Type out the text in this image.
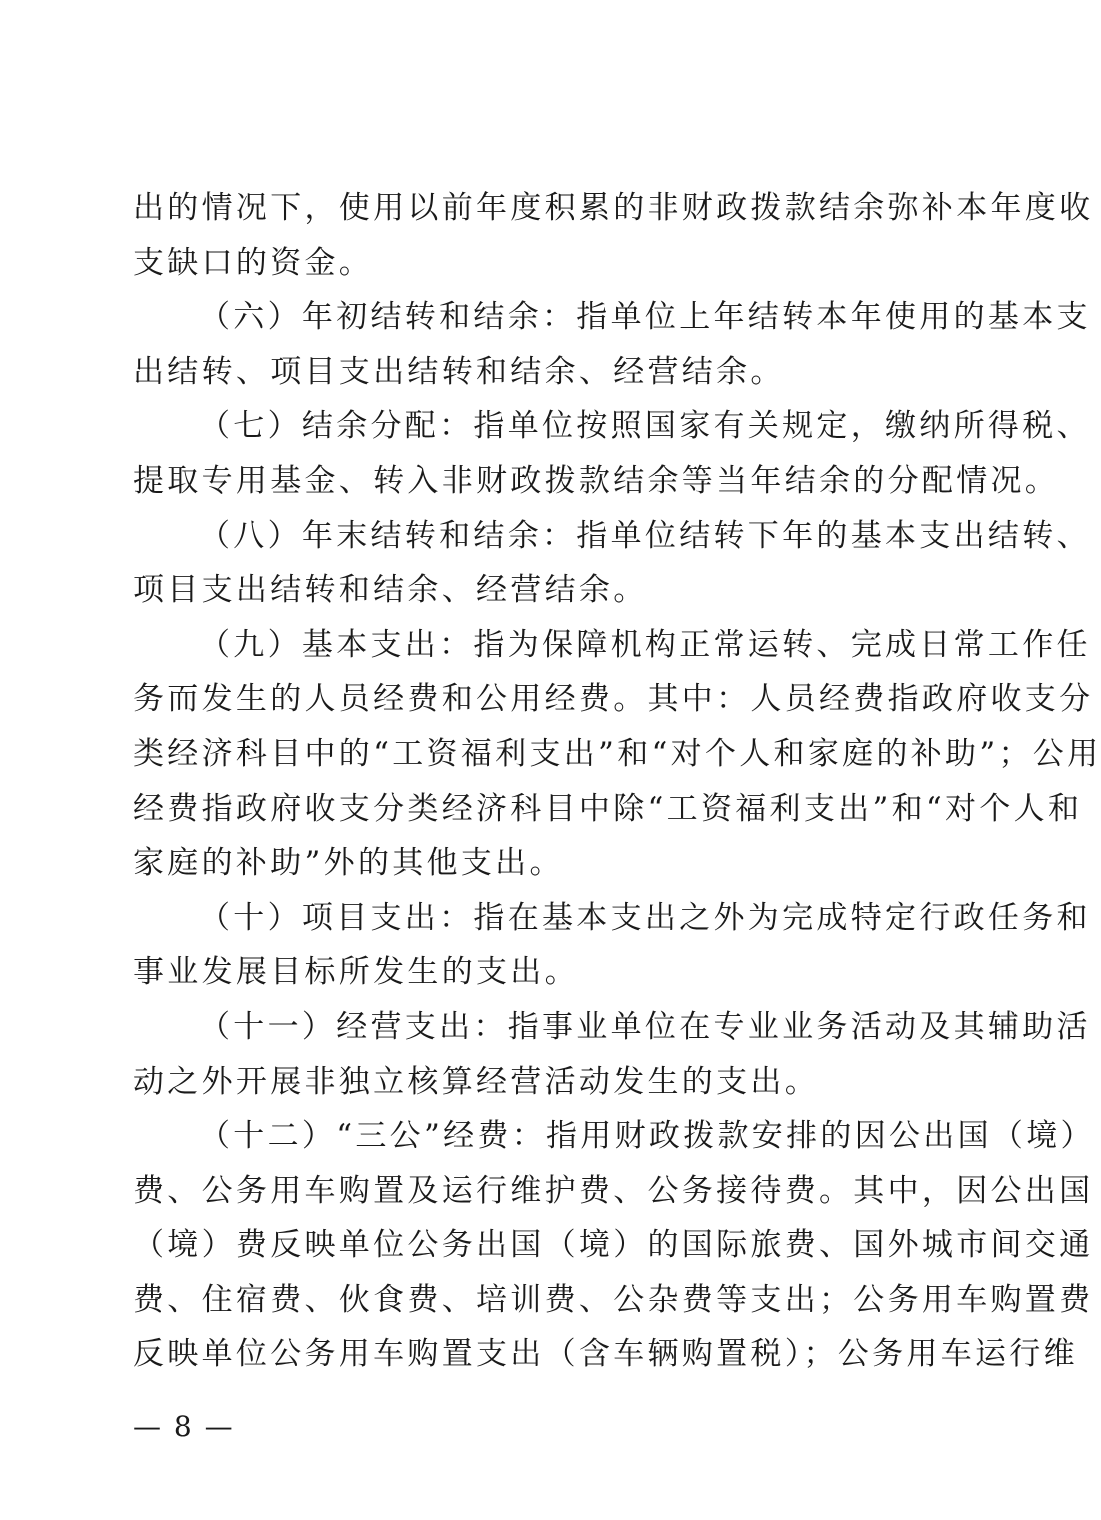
出的情况下，使用以前年度积累的非财政拨款结余弥补本年度收
支缺口的资金。
（六）年初结转和结余：指单位上年结转本年使用的基本支
出结转、项目支出结转和结余、经营结余。
（七）结余分配：指单位按照国家有关规定，缴纳所得税、
提取专用基金、转入非财政拨款结余等当年结余的分配情况。
（八）年末结转和结余：指单位结转下年的基本支出结转、
项目支出结转和结余、经营结余。
（九）基本支出：指为保障机构正常运转、完成日常工作任
务而发生的人员经费和公用经费。其中：人员经费指政府收支分
类经济科目中的“工资福利支出”和“对个人和家庭的补助”；公用
经费指政府收支分类经济科目中除“工资福利支出”和“对个人和
家庭的补助”外的其他支出。
（十）项目支出：指在基本支出之外为完成特定行政任务和
事业发展目标所发生的支出。
（十一）经营支出：指事业单位在专业业务活动及其辅助活
动之外开展非独立核算经营活动发生的支出。
（十二）“三公”经费：指用财政拨款安排的因公出国（境）
费、公务用车购置及运行维护费、公务接待费。其中，因公出国
（境）费反映单位公务出国（境）的国际旅费、国外城市间交通
费、住宿费、伙食费、培训费、公杂费等支出；公务用车购置费
反映单位公务用车购置支出（含车辆购置税）；公务用车运行维
— 8 —
